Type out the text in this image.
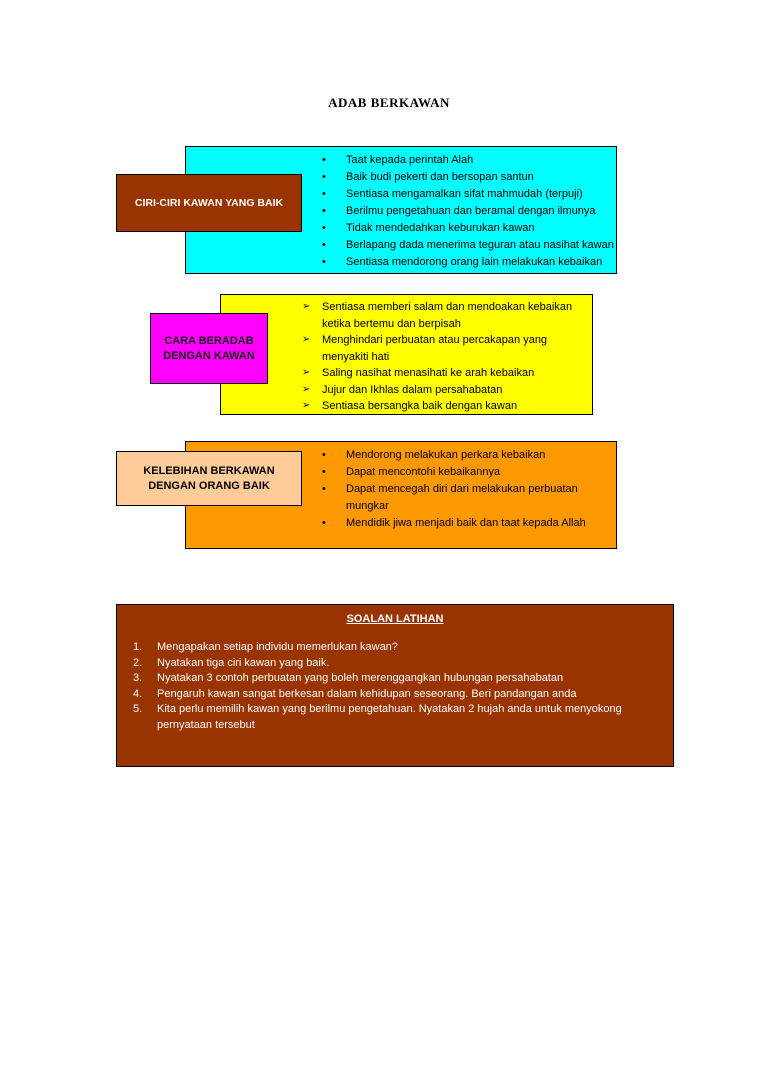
ADAB BERKAWAN
CIRI-CIRI KAWAN YANG BAIK
• Taat kepada perintah Alah
• Baik budi pekerti dan bersopan santun
• Sentiasa mengamalkan sifat mahmudah (terpuji)
• Berilmu pengetahuan dan beramal dengan ilmunya
• Tidak mendedahkan keburukan kawan
• Berlapang dada menerima teguran atau nasihat kawan
• Sentiasa mendorong orang lain melakukan kebaikan
CARA BERADAB
DENGAN KAWAN
➢ Sentiasa memberi salam dan mendoakan kebaikan ketika bertemu dan berpisah
➢ Menghindari perbuatan atau percakapan yang menyakiti hati
➢ Saling nasihat menasihati ke arah kebaikan
➢ Jujur dan Ikhlas dalam persahabatan
➢ Sentiasa bersangka baik dengan kawan
KELEBIHAN BERKAWAN
DENGAN ORANG BAIK
• Mendorong melakukan perkara kebaikan
• Dapat mencontohi kebaikannya
• Dapat mencegah diri dari melakukan perbuatan mungkar
• Mendidik jiwa menjadi baik dan taat kepada Allah
SOALAN LATIHAN
1. Mengapakan setiap individu memerlukan kawan?
2. Nyatakan tiga ciri kawan yang baik.
3. Nyatakan 3 contoh perbuatan yang boleh merenggangkan hubungan persahabatan
4. Pengaruh kawan sangat berkesan dalam kehidupan seseorang. Beri pandangan anda
5. Kita perlu memilih kawan yang berilmu pengetahuan. Nyatakan 2 hujah anda untuk menyokong pernyataan tersebut
